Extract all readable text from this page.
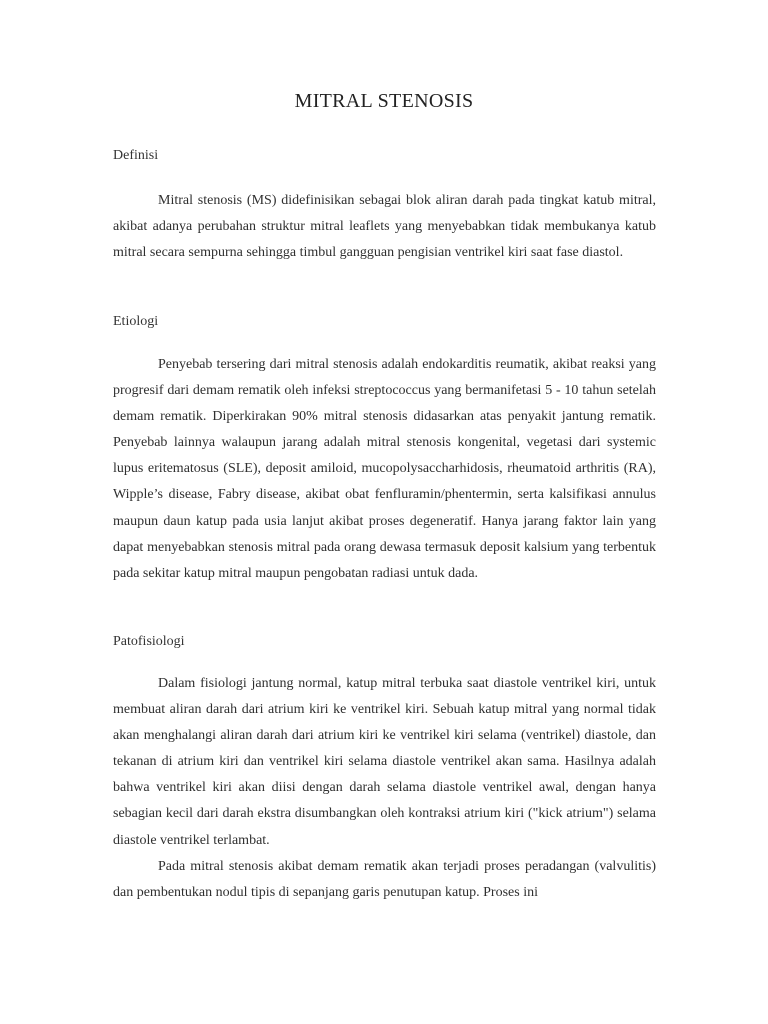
MITRAL STENOSIS
Definisi

Mitral stenosis (MS) didefinisikan sebagai blok aliran darah pada tingkat katub mitral, akibat adanya perubahan struktur mitral leaflets yang menyebabkan tidak membukanya katub mitral secara sempurna sehingga timbul gangguan pengisian ventrikel kiri saat fase diastol.

Etiologi

Penyebab tersering dari mitral stenosis adalah endokarditis reumatik, akibat reaksi yang progresif dari demam rematik oleh infeksi streptococcus yang bermanifetasi 5 - 10 tahun setelah demam rematik. Diperkirakan 90% mitral stenosis didasarkan atas penyakit jantung rematik. Penyebab lainnya walaupun jarang adalah mitral stenosis kongenital, vegetasi dari systemic lupus eritematosus (SLE), deposit amiloid, mucopolysaccharhidosis, rheumatoid arthritis (RA), Wipple’s disease, Fabry disease, akibat obat fenfluramin/phentermin, serta kalsifikasi annulus maupun daun katup pada usia lanjut akibat proses degeneratif. Hanya jarang faktor lain yang dapat menyebabkan stenosis mitral pada orang dewasa termasuk deposit kalsium yang terbentuk pada sekitar katup mitral maupun pengobatan radiasi untuk dada.

Patofisiologi

Dalam fisiologi jantung normal, katup mitral terbuka saat diastole ventrikel kiri, untuk membuat aliran darah dari atrium kiri ke ventrikel kiri. Sebuah katup mitral yang normal tidak akan menghalangi aliran darah dari atrium kiri ke ventrikel kiri selama (ventrikel) diastole, dan tekanan di atrium kiri dan ventrikel kiri selama diastole ventrikel akan sama. Hasilnya adalah bahwa ventrikel kiri akan diisi dengan darah selama diastole ventrikel awal, dengan hanya sebagian kecil dari darah ekstra disumbangkan oleh kontraksi atrium kiri ("kick atrium") selama diastole ventrikel terlambat.

Pada mitral stenosis akibat demam rematik akan terjadi proses peradangan (valvulitis) dan pembentukan nodul tipis di sepanjang garis penutupan katup. Proses ini
